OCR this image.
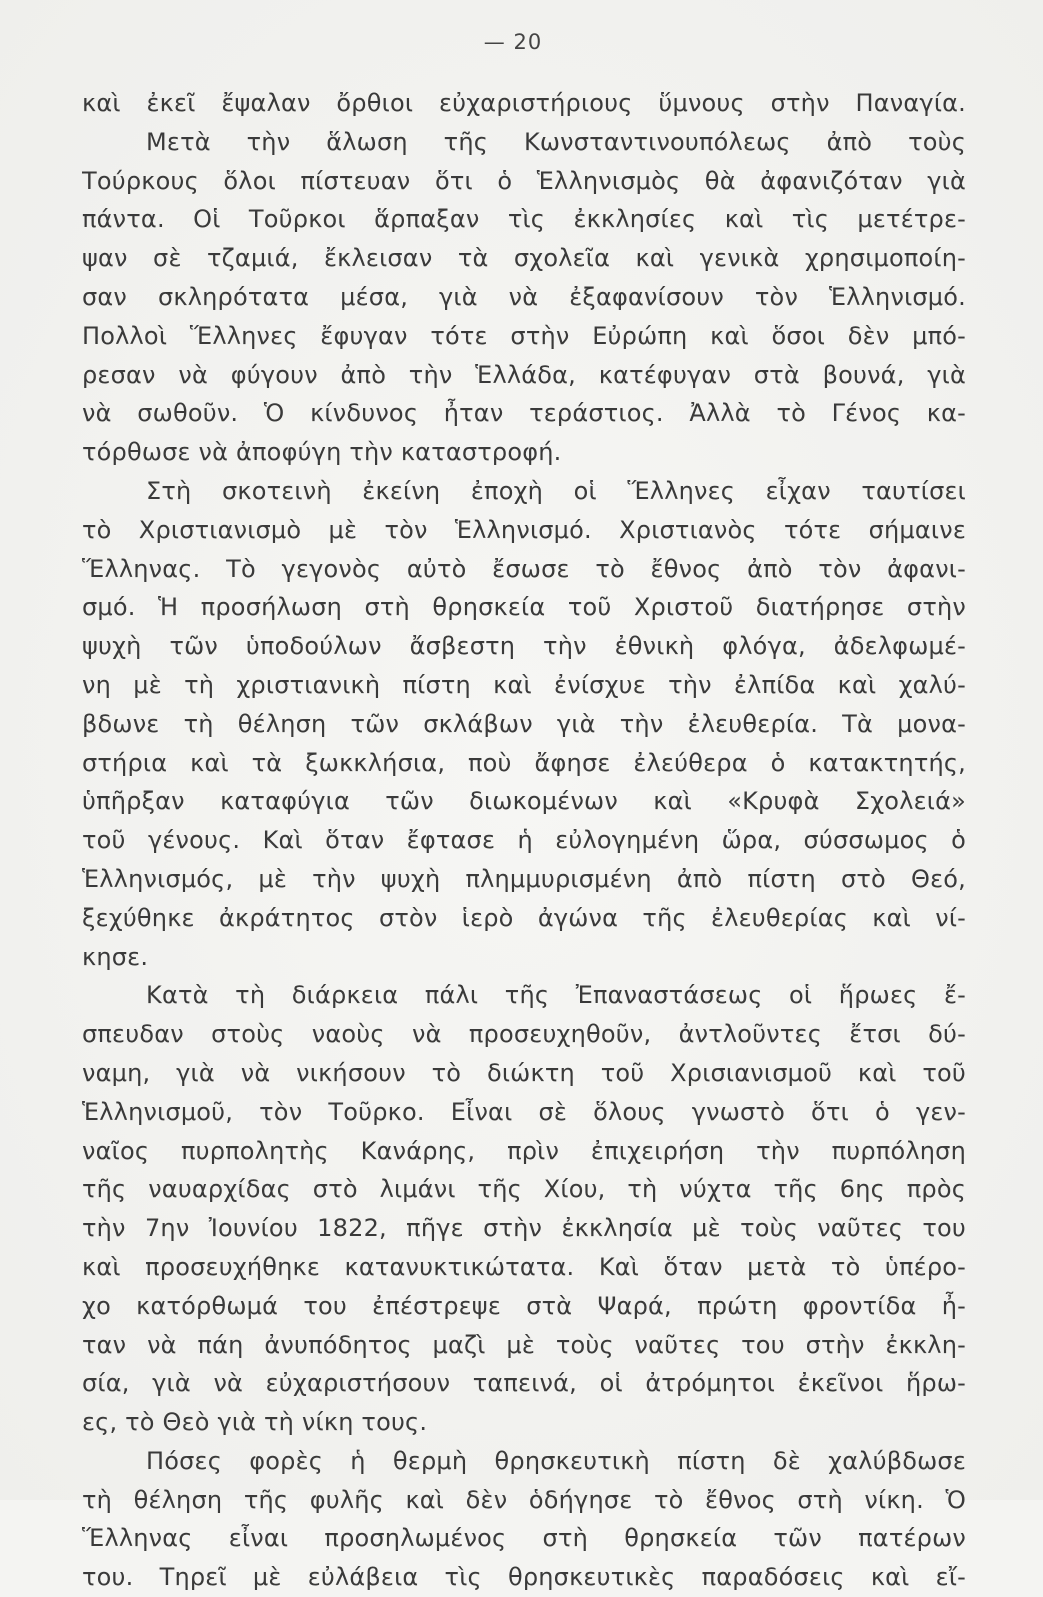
— 20
καὶ ἐκεῖ ἔψαλαν ὄρθιοι εὐχαριστήριους ὕμνους στὴν Παναγία.
Μετὰ τὴν ἅλωση τῆς Κωνσταντινουπόλεως ἀπὸ τοὺς
Τούρκους ὅλοι πίστευαν ὅτι ὁ Ἑλληνισμὸς θὰ ἀφανιζόταν γιὰ
πάντα. Οἱ Τοῦρκοι ἅρπαξαν τὶς ἐκκλησίες καὶ τὶς μετέτρε-
ψαν σὲ τζαμιά, ἔκλεισαν τὰ σχολεῖα καὶ γενικὰ χρησιμοποίη-
σαν σκληρότατα μέσα, γιὰ νὰ ἐξαφανίσουν τὸν Ἑλληνισμό.
Πολλοὶ Ἕλληνες ἔφυγαν τότε στὴν Εὐρώπη καὶ ὅσοι δὲν μπό-
ρεσαν νὰ φύγουν ἀπὸ τὴν Ἑλλάδα, κατέφυγαν στὰ βουνά, γιὰ
νὰ σωθοῦν. Ὁ κίνδυνος ἦταν τεράστιος. Ἀλλὰ τὸ Γένος κα-
τόρθωσε νὰ ἀποφύγη τὴν καταστροφή.
Στὴ σκοτεινὴ ἐκείνη ἐποχὴ οἱ Ἕλληνες εἶχαν ταυτίσει
τὸ Χριστιανισμὸ μὲ τὸν Ἑλληνισμό. Χριστιανὸς τότε σήμαινε
Ἕλληνας. Τὸ γεγονὸς αὐτὸ ἔσωσε τὸ ἔθνος ἀπὸ τὸν ἀφανι-
σμό. Ἡ προσήλωση στὴ θρησκεία τοῦ Χριστοῦ διατήρησε στὴν
ψυχὴ τῶν ὑποδούλων ἄσβεστη τὴν ἐθνικὴ φλόγα, ἀδελφωμέ-
νη μὲ τὴ χριστιανικὴ πίστη καὶ ἐνίσχυε τὴν ἐλπίδα καὶ χαλύ-
βδωνε τὴ θέληση τῶν σκλάβων γιὰ τὴν ἐλευθερία. Τὰ μονα-
στήρια καὶ τὰ ξωκκλήσια, ποὺ ἄφησε ἐλεύθερα ὁ κατακτητής,
ὑπῆρξαν καταφύγια τῶν διωκομένων καὶ «Κρυφὰ Σχολειά»
τοῦ γένους. Καὶ ὅταν ἔφτασε ἡ εὐλογημένη ὥρα, σύσσωμος ὁ
Ἑλληνισμός, μὲ τὴν ψυχὴ πλημμυρισμένη ἀπὸ πίστη στὸ Θεό,
ξεχύθηκε ἀκράτητος στὸν ἱερὸ ἀγώνα τῆς ἐλευθερίας καὶ νί-
κησε.
Κατὰ τὴ διάρκεια πάλι τῆς Ἐπαναστάσεως οἱ ἥρωες ἔ-
σπευδαν στοὺς ναοὺς νὰ προσευχηθοῦν, ἀντλοῦντες ἔτσι δύ-
ναμη, γιὰ νὰ νικήσουν τὸ διώκτη τοῦ Χρισιανισμοῦ καὶ τοῦ
Ἑλληνισμοῦ, τὸν Τοῦρκο. Εἶναι σὲ ὅλους γνωστὸ ὅτι ὁ γεν-
ναῖος πυρπολητὴς Κανάρης, πρὶν ἐπιχειρήση τὴν πυρπόληση
τῆς ναυαρχίδας στὸ λιμάνι τῆς Χίου, τὴ νύχτα τῆς 6ης πρὸς
τὴν 7ην Ἰουνίου 1822, πῆγε στὴν ἐκκλησία μὲ τοὺς ναῦτες του
καὶ προσευχήθηκε κατανυκτικώτατα. Καὶ ὅταν μετὰ τὸ ὑπέρο-
χο κατόρθωμά του ἐπέστρεψε στὰ Ψαρά, πρώτη φροντίδα ἦ-
ταν νὰ πάη ἀνυπόδητος μαζὶ μὲ τοὺς ναῦτες του στὴν ἐκκλη-
σία, γιὰ νὰ εὐχαριστήσουν ταπεινά, οἱ ἀτρόμητοι ἐκεῖνοι ἥρω-
ες, τὸ Θεὸ γιὰ τὴ νίκη τους.
Πόσες φορὲς ἡ θερμὴ θρησκευτικὴ πίστη δὲ χαλύβδωσε
τὴ θέληση τῆς φυλῆς καὶ δὲν ὁδήγησε τὸ ἔθνος στὴ νίκη. Ὁ
Ἕλληνας εἶναι προσηλωμένος στὴ θρησκεία τῶν πατέρων
του. Τηρεῖ μὲ εὐλάβεια τὶς θρησκευτικὲς παραδόσεις καὶ εἴ-
